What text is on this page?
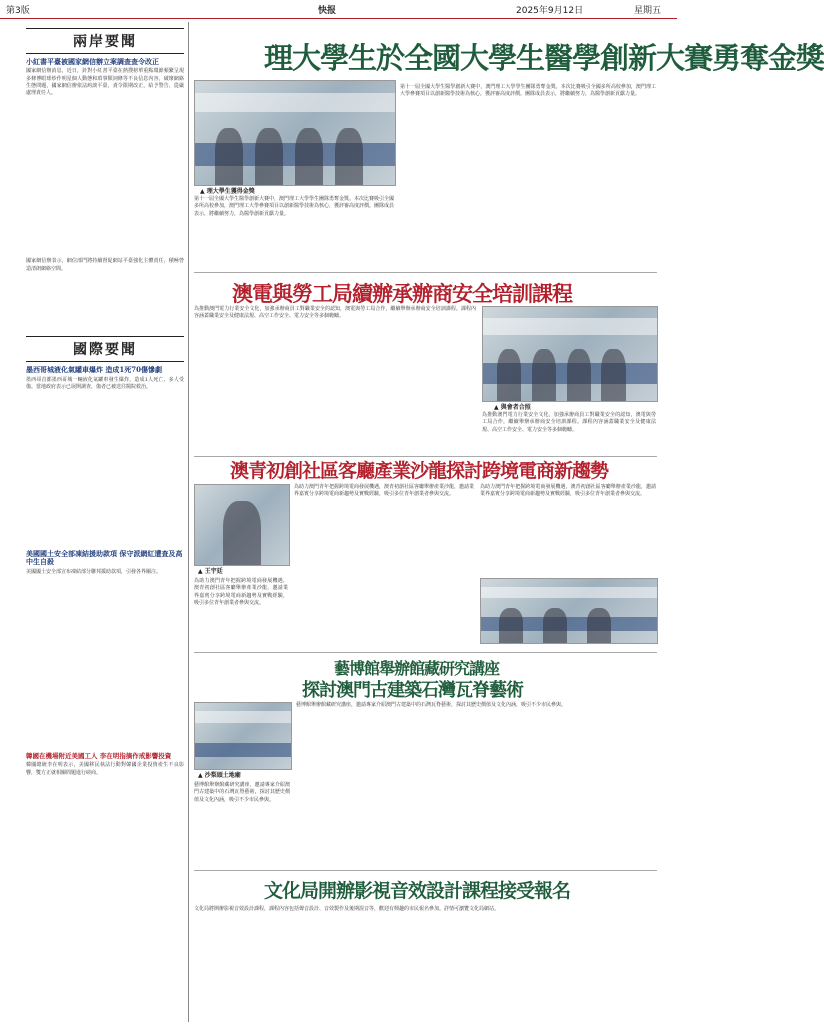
第3版	快报	2025年9月12日	星期五
兩岸要聞
小紅書平臺被國家網信辦立案調查查令改正
國家網信辦消息，近日，針對小紅書平臺在熱搜榜單重點環節頻繁呈現多條博眼球炒作明星個人動態和瑣事類詞條等不良信息內容，破壞網絡生態問題，國家網信辦依法約談平臺，責令限期改正，給予警告、從嚴處理責任人。
國家網信辦表示，網信部門將持續督促網站平臺強化主體責任，積極營造清朗網絡空間。
國際要聞
墨西哥城液化氣罐車爆炸 造成1死70傷慘劇
墨西哥首都墨西哥城一輛液化氣罐車發生爆炸，造成1人死亡、多人受傷。當地政府表示已展開調查，傷者已被送往醫院救治。
美國國土安全部凍結援助款項 保守派網紅遭查及高中生自殺
美國國土安全部宣布凍結部分聯邦援助款項，引發各界關注。
韓國在機場附近美國工人 李在明指摘作戒影響投資
韓國總統李在明表示，美國移民執法行動對韓國企業投資產生不良影響，雙方正就相關問題進行磋商。
理大學生於全國大學生醫學創新大賽勇奪金獎
▲ 理大學生獲得金獎
第十一屆全國大學生醫學創新大賽中，澳門理工大學學生團隊勇奪金獎。本次比賽吸引全國多所高校參加，澳門理工大學參賽項目以創新醫學技術為核心，獲評審高度評價。團隊成員表示，將繼續努力，為醫學創新貢獻力量。
第十一屆全國大學生醫學創新大賽中，澳門理工大學學生團隊勇奪金獎。本次比賽吸引全國多所高校參加，澳門理工大學參賽項目以創新醫學技術為核心，獲評審高度評價。團隊成員表示，將繼續努力，為醫學創新貢獻力量。
澳電與勞工局續辦承辦商安全培訓課程
為推動澳門電力行業安全文化，加強承辦商員工對職業安全的認知，澳電與勞工局合作，繼續舉辦承辦商安全培訓課程。課程內容涵蓋職業安全及健康法規、高空工作安全、電力安全等多個範疇。
▲ 與會者合照
為推動澳門電力行業安全文化，加強承辦商員工對職業安全的認知，澳電與勞工局合作，繼續舉辦承辦商安全培訓課程。課程內容涵蓋職業安全及健康法規、高空工作安全、電力安全等多個範疇。
澳青初創社區客廳產業沙龍探討跨境電商新趨勢
▲ 王宇廷
為助力澳門青年把握跨境電商發展機遇，澳青初創社區客廳舉辦產業沙龍，邀請業界嘉賓分享跨境電商新趨勢及實戰經驗，吸引多位青年創業者參與交流。
為助力澳門青年把握跨境電商發展機遇，澳青初創社區客廳舉辦產業沙龍，邀請業界嘉賓分享跨境電商新趨勢及實戰經驗，吸引多位青年創業者參與交流。
為助力澳門青年把握跨境電商發展機遇，澳青初創社區客廳舉辦產業沙龍，邀請業界嘉賓分享跨境電商新趨勢及實戰經驗，吸引多位青年創業者參與交流。
藝博館舉辦館藏研究講座
探討澳門古建築石灣瓦脊藝術
▲ 沙梨頭土地廟
藝博館舉辦館藏研究講座，邀請專家介紹澳門古建築中的石灣瓦脊藝術，探討其歷史價值及文化內涵，吸引不少市民參與。
藝博館舉辦館藏研究講座，邀請專家介紹澳門古建築中的石灣瓦脊藝術，探討其歷史價值及文化內涵，吸引不少市民參與。
文化局開辦影視音效設計課程接受報名
文化局將開辦影視音效設計課程，課程內容包括聲音設計、音效製作及後期混音等，歡迎有興趣的市民報名參加。詳情可瀏覽文化局網站。
